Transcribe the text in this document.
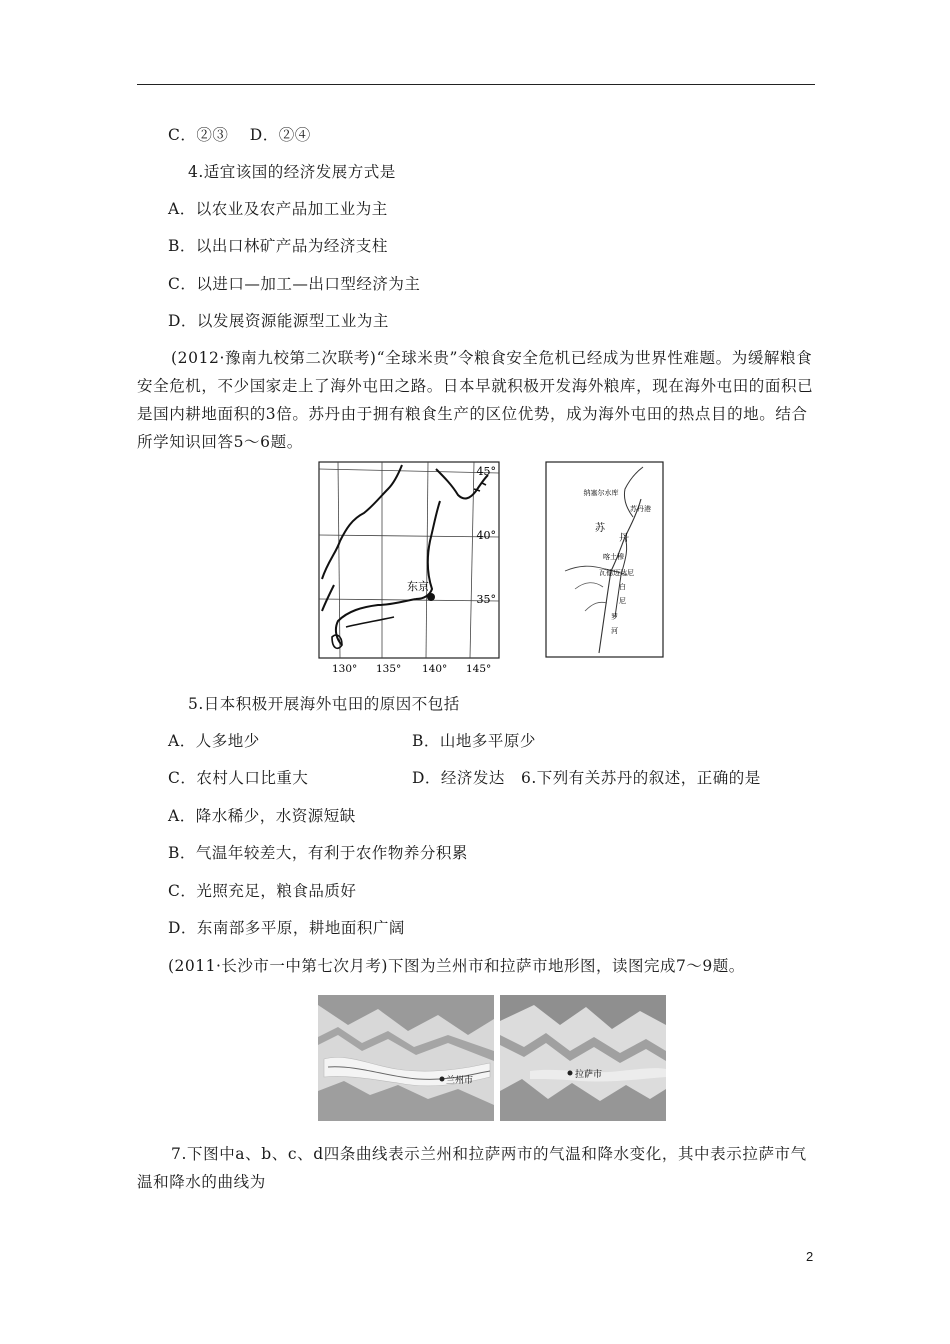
C．②③　 D．②④
4.适宜该国的经济发展方式是
A．以农业及农产品加工业为主
B．以出口林矿产品为经济支柱
C．以进口—加工—出口型经济为主
D．以发展资源能源型工业为主
(2012·豫南九校第二次联考)“全球米贵”令粮食安全危机已经成为世界性难题。为缓解粮食安全危机，不少国家走上了海外屯田之路。日本早就积极开发海外粮库，现在海外屯田的面积已是国内耕地面积的3倍。苏丹由于拥有粮食生产的区位优势，成为海外屯田的热点目的地。结合所学知识回答5～6题。
45°
40°
35°
东京
130° 135° 140° 145°
纳塞尔水库
苏丹港
苏
丹
喀土穆
瓦德迈达尼
白
尼
罗
河
5.日本积极开展海外屯田的原因不包括
A．人多地少	B．山地多平原少
C．农村人口比重大	D．经济发达 6.下列有关苏丹的叙述，正确的是
A．降水稀少，水资源短缺
B．气温年较差大，有利于农作物养分积累
C．光照充足，粮食品质好
D．东南部多平原，耕地面积广阔
(2011·长沙市一中第七次月考)下图为兰州市和拉萨市地形图，读图完成7～9题。
兰州市
拉萨市
7.下图中a、b、c、d四条曲线表示兰州和拉萨两市的气温和降水变化，其中表示拉萨市气温和降水的曲线为
2
